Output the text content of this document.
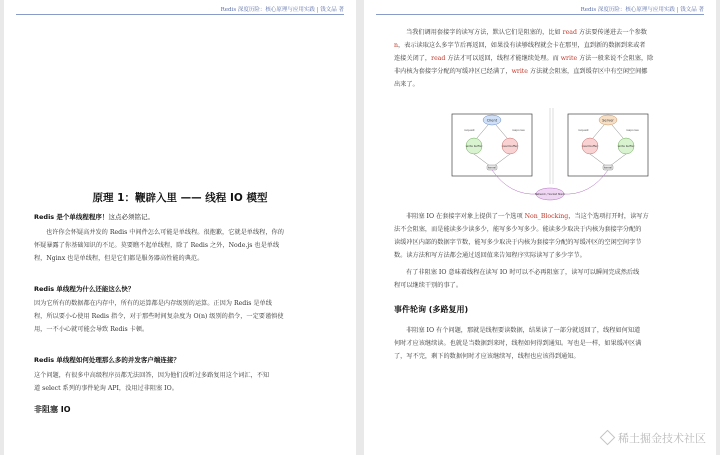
Redis 深度历险：核心原理与应用实践 | 钱文品 著
原理 1：鞭辟入里 —— 线程 IO 模型
Redis 是个单线程程序！这点必须铭记。
也许你会怀疑高并发的 Redis 中间件怎么可能是单线程。很抱歉，它就是单线程，你的
怀疑暴露了你基础知识的不足。莫要瞧不起单线程，除了 Redis 之外，Node.js 也是单线
程，Nginx 也是单线程，但是它们都是服务器高性能的典范。
Redis 单线程为什么还能这么快？
因为它所有的数据都在内存中，所有的运算都是内存级别的运算。正因为 Redis 是单线
程，所以要小心使用 Redis 指令，对于那些时间复杂度为 O(n) 级别的指令，一定要谨慎使
用，一不小心就可能会导致 Redis 卡顿。
Redis 单线程如何处理那么多的并发客户端连接？
这个问题，有很多中高级程序员都无法回答，因为他们没听过多路复用这个词汇，不知
道 select 系列的事件轮询 API，没用过非阻塞 IO。
非阻塞 IO
Redis 深度历险：核心原理与应用实践 | 钱文品 著
当我们调用套接字的读写方法，默认它们是阻塞的，比如 read 方法要传递进去一个参数
n，表示读取这么多字节后再返回，如果没有读够线程就会卡在那里，直到新的数据到来或者
连接关闭了，read 方法才可以返回，线程才能继续处理。而 write 方法一般来说不会阻塞，除
非内核为套接字分配的写缓冲区已经满了，write 方法就会阻塞，直到缓存区中有空闲空间挪
出来了。
Client	Server
write buffer	read buffer	read buffer	write buffer
request	response	request	response
kernel	kernel
Network / Socket Stack
非阻塞 IO 在套接字对象上提供了一个选项 Non_Blocking，当这个选项打开时，读写方
法不会阻塞，而是能读多少读多少，能写多少写多少。能读多少取决于内核为套接字分配的
读缓冲区内部的数据字节数，能写多少取决于内核为套接字分配的写缓冲区的空闲空间字节
数。读方法和写方法都会通过返回值来告知程序实际读写了多少字节。
有了非阻塞 IO 意味着线程在读写 IO 时可以不必再阻塞了，读写可以瞬间完成然后线
程可以继续干别的事了。
事件轮询 (多路复用)
非阻塞 IO 有个问题，那就是线程要读数据，结果读了一部分就返回了，线程如何知道
何时才应该继续读。也就是当数据到来时，线程如何得到通知。写也是一样，如果缓冲区满
了，写不完，剩下的数据何时才应该继续写，线程也应该得到通知。
稀土掘金技术社区
